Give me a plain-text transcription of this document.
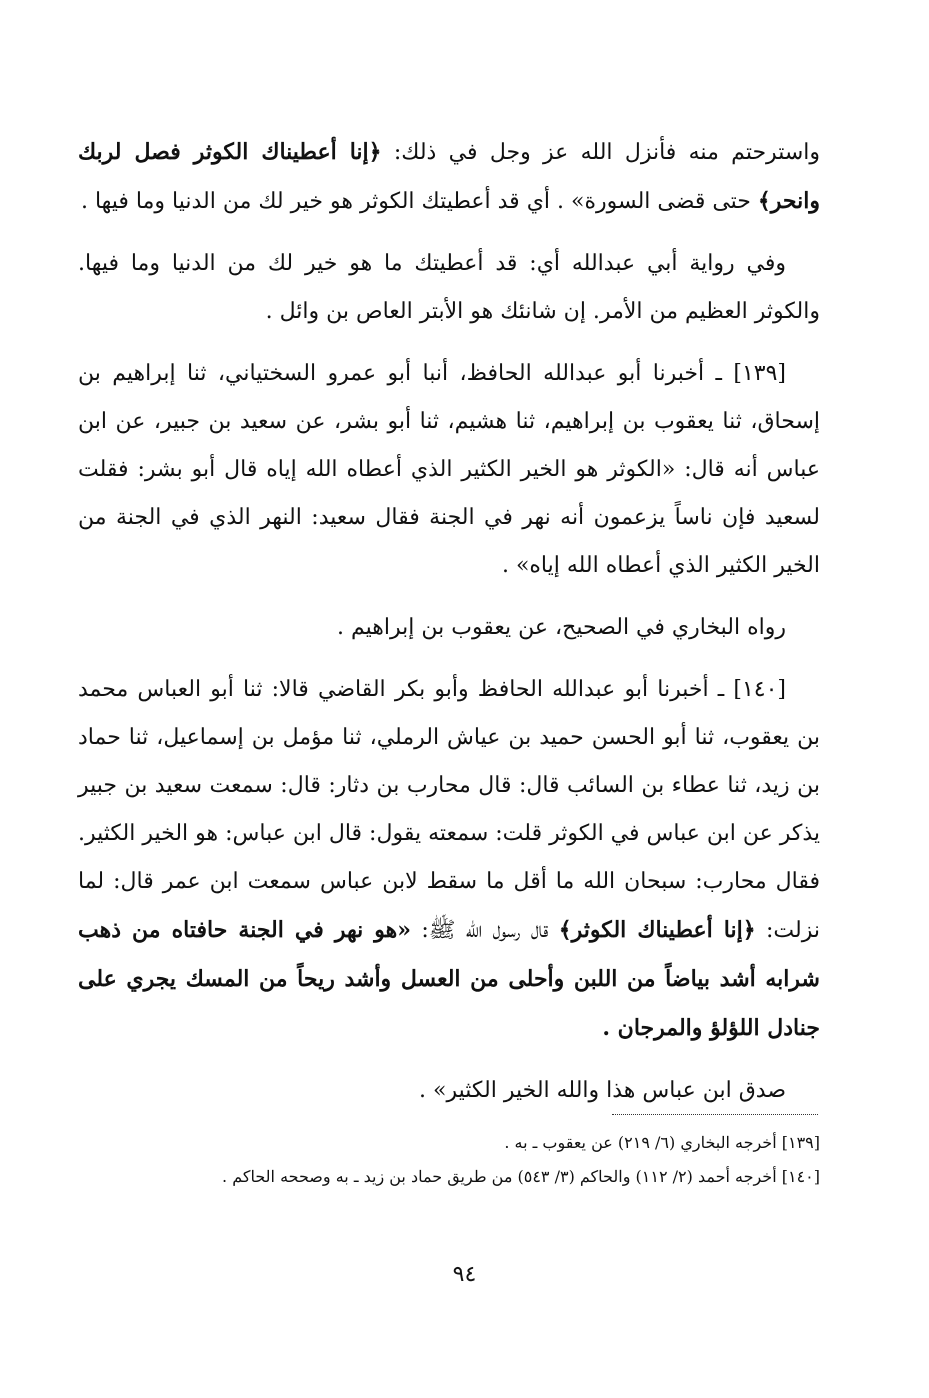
واسترحتم منه فأنزل الله عز وجل في ذلك: ﴿إنا أعطيناك الكوثر فصل لربك وانحر﴾ حتى قضى السورة» . أي قد أعطيتك الكوثر هو خير لك من الدنيا وما فيها .

وفي رواية أبي عبدالله أي: قد أعطيتك ما هو خير لك من الدنيا وما فيها. والكوثر العظيم من الأمر. إن شانئك هو الأبتر العاص بن وائل .

[١٣٩] ـ أخبرنا أبو عبدالله الحافظ، أنبا أبو عمرو السختياني، ثنا إبراهيم بن إسحاق، ثنا يعقوب بن إبراهيم، ثنا هشيم، ثنا أبو بشر، عن سعيد بن جبير، عن ابن عباس أنه قال: «الكوثر هو الخير الكثير الذي أعطاه الله إياه قال أبو بشر: فقلت لسعيد فإن ناساً يزعمون أنه نهر في الجنة فقال سعيد: النهر الذي في الجنة من الخير الكثير الذي أعطاه الله إياه» .

رواه البخاري في الصحيح، عن يعقوب بن إبراهيم .

[١٤٠] ـ أخبرنا أبو عبدالله الحافظ وأبو بكر القاضي قالا: ثنا أبو العباس محمد بن يعقوب، ثنا أبو الحسن حميد بن عياش الرملي، ثنا مؤمل بن إسماعيل، ثنا حماد بن زيد، ثنا عطاء بن السائب قال: قال محارب بن دثار: قال: سمعت سعيد بن جبير يذكر عن ابن عباس في الكوثر قلت: سمعته يقول: قال ابن عباس: هو الخير الكثير. فقال محارب: سبحان الله ما أقل ما سقط لابن عباس سمعت ابن عمر قال: لما نزلت: ﴿إنا أعطيناك الكوثر﴾ قال رسول الله ﷺ: «هو نهر في الجنة حافتاه من ذهب شرابه أشد بياضاً من اللبن وأحلى من العسل وأشد ريحاً من المسك يجري على جنادل اللؤلؤ والمرجان .

صدق ابن عباس هذا والله الخير الكثير» .

[١٣٩] أخرجه البخاري (٦/ ٢١٩) عن يعقوب ـ به .

[١٤٠] أخرجه أحمد (٢/ ١١٢) والحاكم (٣/ ٥٤٣) من طريق حماد بن زيد ـ به وصححه الحاكم .

٩٤
